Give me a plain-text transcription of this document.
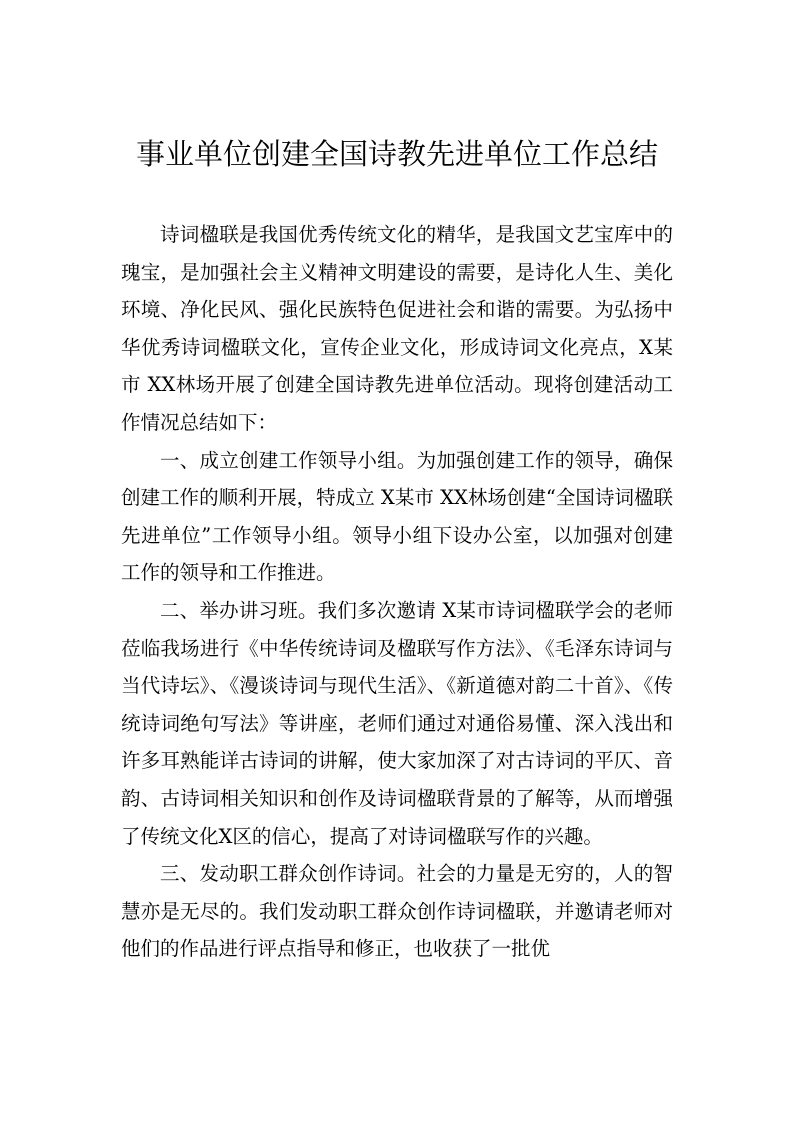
事业单位创建全国诗教先进单位工作总结

诗词楹联是我国优秀传统文化的精华，是我国文艺宝库中的瑰宝，是加强社会主义精神文明建设的需要，是诗化人生、美化环境、净化民风、强化民族特色促进社会和谐的需要。为弘扬中华优秀诗词楹联文化，宣传企业文化，形成诗词文化亮点，X某市 XX林场开展了创建全国诗教先进单位活动。现将创建活动工作情况总结如下：

一、成立创建工作领导小组。为加强创建工作的领导，确保创建工作的顺利开展，特成立 X某市 XX林场创建“全国诗词楹联先进单位”工作领导小组。领导小组下设办公室，以加强对创建工作的领导和工作推进。

二、举办讲习班。我们多次邀请 X某市诗词楹联学会的老师莅临我场进行《中华传统诗词及楹联写作方法》、《毛泽东诗词与当代诗坛》、《漫谈诗词与现代生活》、《新道德对韵二十首》、《传统诗词绝句写法》等讲座，老师们通过对通俗易懂、深入浅出和许多耳熟能详古诗词的讲解，使大家加深了对古诗词的平仄、音韵、古诗词相关知识和创作及诗词楹联背景的了解等，从而增强了传统文化X区的信心，提高了对诗词楹联写作的兴趣。

三、发动职工群众创作诗词。社会的力量是无穷的，人的智慧亦是无尽的。我们发动职工群众创作诗词楹联，并邀请老师对他们的作品进行评点指导和修正，也收获了一批优
